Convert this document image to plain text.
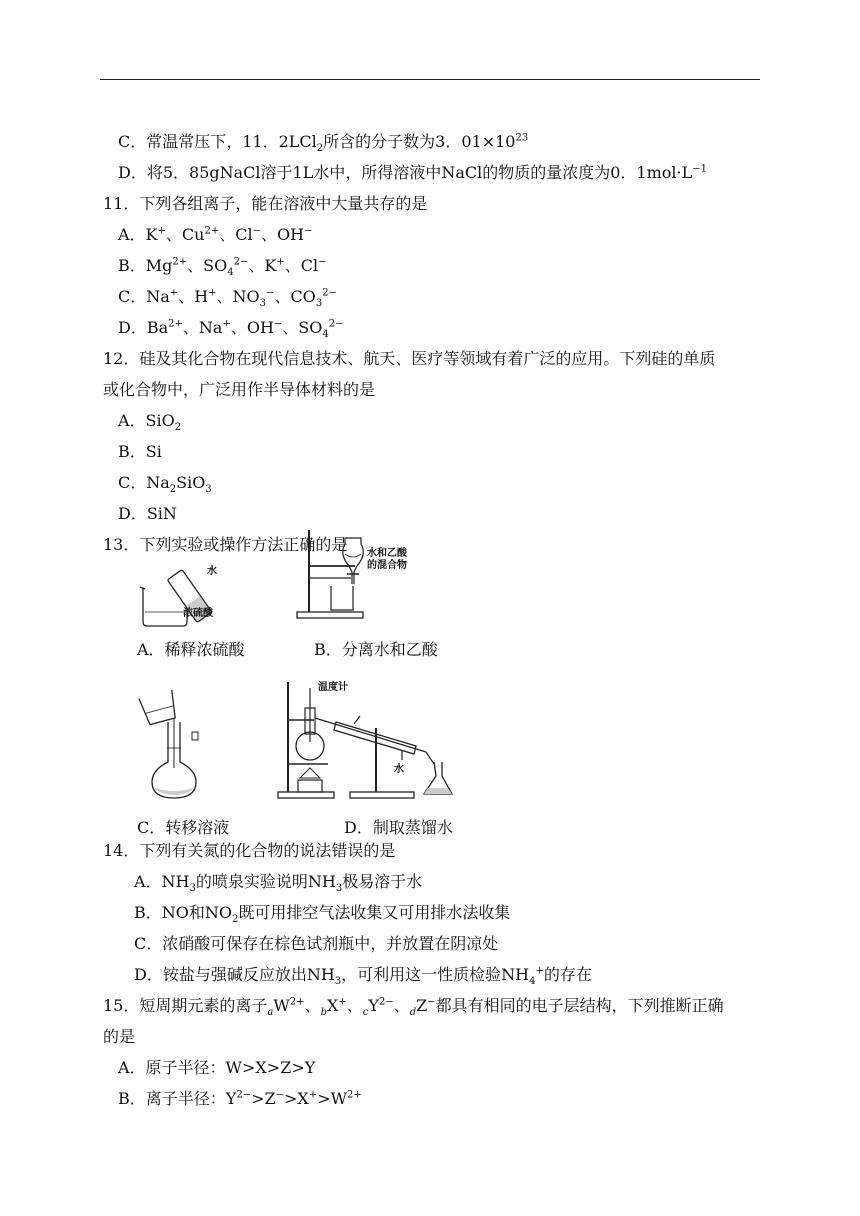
C．常温常压下，11．2LCl$_2$所含的分子数为3．$01\times 10^{23}$
D．将5．85gNaCl溶于1L水中，所得溶液中NaCl的物质的量浓度为0．$1mol\cdot L^{-1}$
11．下列各组离子，能在溶液中大量共存的是
A．K+、$Cu^{2+}$、Cl−、OH−
B．$Mg^{2+}$、$SO_4^{2-}$、K+、Cl−
C．Na+、H+、$NO_3^-$、$CO_3^{2-}$
D．$Ba^{2+}$、Na+、OH−、$SO_4^{2-}$
12．硅及其化合物在现代信息技术、航天、医疗等领域有着广泛的应用。下列硅的单质
或化合物中，广泛用作半导体材料的是
A．SiO$_2$
B．Si
C．$Na_2SiO_3$
D．SiN
13．下列实验或操作方法正确的是
水
浓硫酸
水和乙酸
的混合物
A．稀释浓硫酸	B．分离水和乙酸
温度计
水
C．转移溶液	D．制取蒸馏水
14．下列有关氮的化合物的说法错误的是
A．$NH_3$的喷泉实验说明$NH_3$极易溶于水
B．NO和$NO_2$既可用排空气法收集又可用排水法收集
C．浓硝酸可保存在棕色试剂瓶中，并放置在阴凉处
D．铵盐与强碱反应放出$NH_3$，可利用这一性质检验$NH_4^+$的存在
15．短周期元素的离子$_aW^{2+}$、$_b$X+、$_cY^{2-}$、$_d$Z−都具有相同的电子层结构，下列推断正确
的是
A．原子半径：W>X>Z>Y
B．离子半径：$Y^{2-}>Z^->X^+>W^{2+}$
